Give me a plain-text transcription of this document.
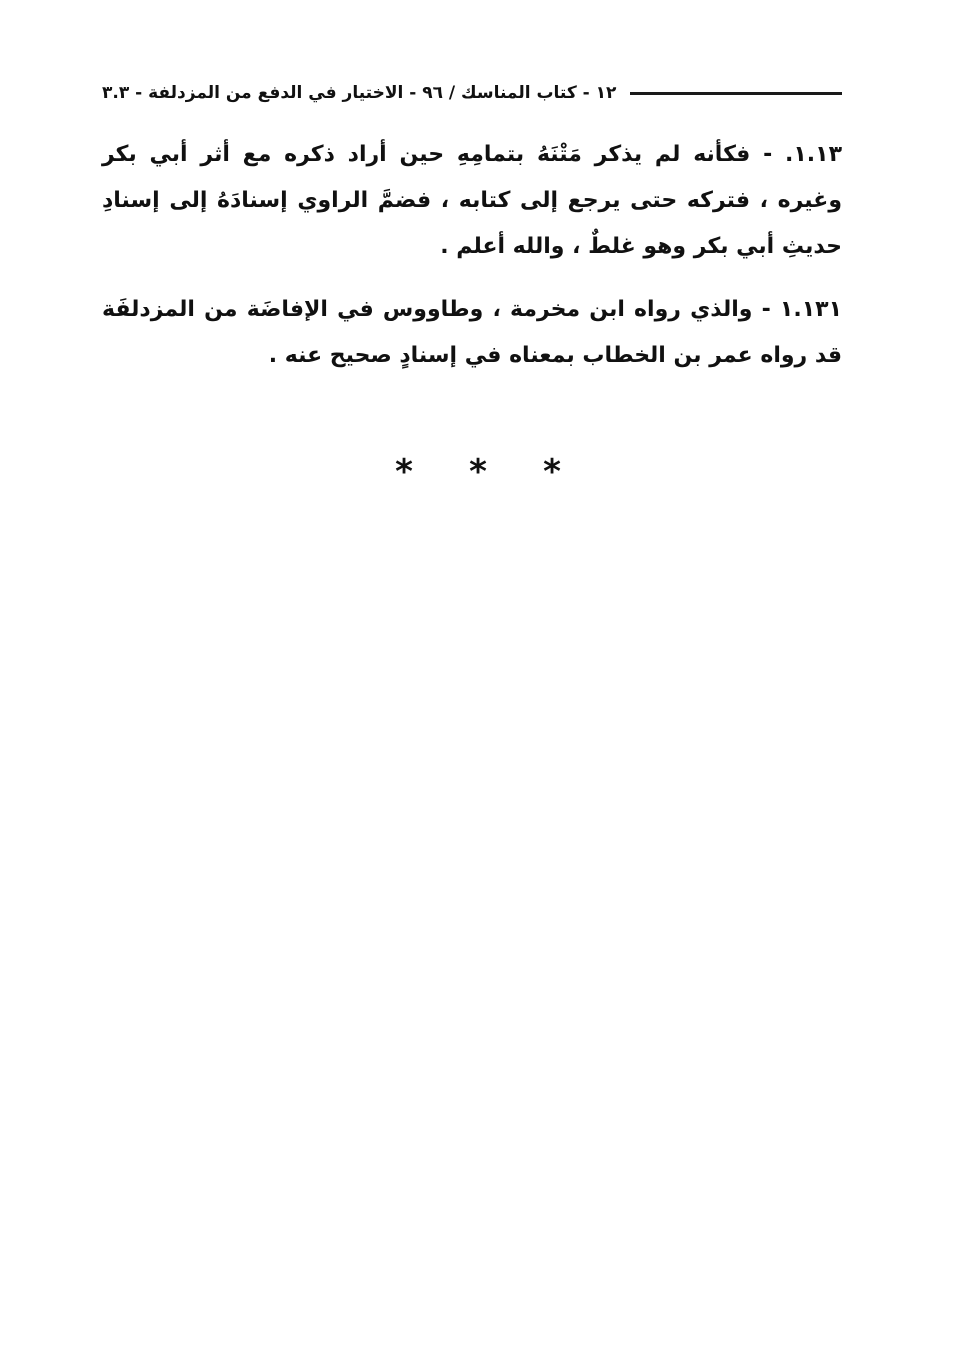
١٢ - كتاب المناسك / ٩٦ - الاختيار في الدفع من المزدلفة - ٣.٣

١.١٣. - فكأنه لم يذكر مَتْنَهُ بتمامِهِ حين أراد ذكره مع أثر أبي بكر وغيره ، فتركه حتى يرجع إلى كتابه ، فضمَّ الراوي إسنادَهُ إلى إسنادِ حديثِ أبي بكر وهو غلطٌ ، والله أعلم .

١.١٣١ - والذي رواه ابن مخرمة ، وطاووس في الإفاضَة من المزدلفَة قد رواه عمر بن الخطاب بمعناه في إسنادٍ صحيح عنه .

* * *
